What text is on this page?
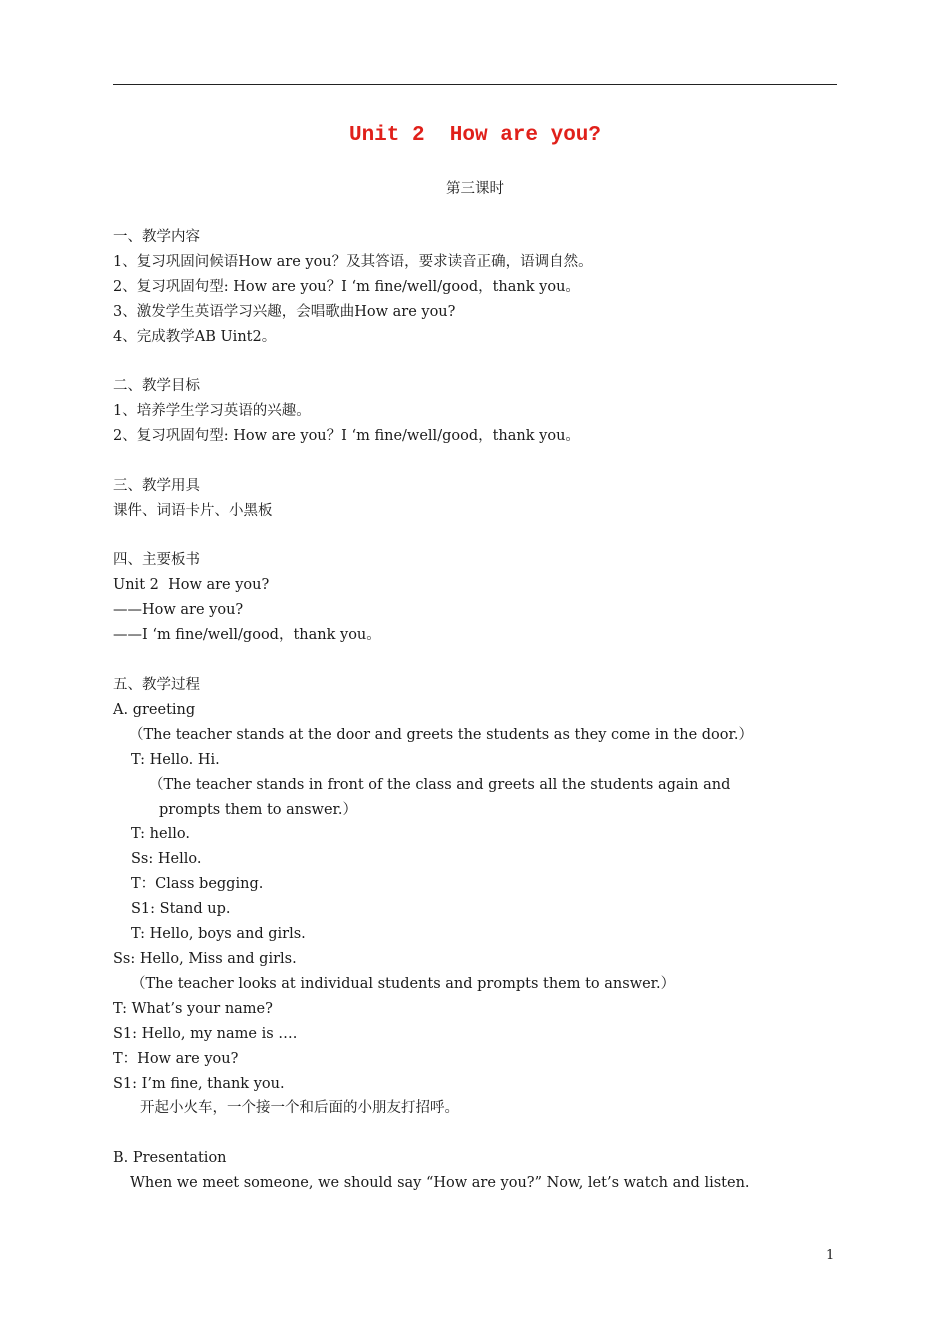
Unit 2  How are you?
第三课时
一、教学内容
1、复习巩固问候语How are you？及其答语，要求读音正确，语调自然。
2、复习巩固句型: How are you？I ‘m fine/well/good，thank you。
3、激发学生英语学习兴趣，会唱歌曲How are you?
4、完成教学AB Uint2。
二、教学目标
1、培养学生学习英语的兴趣。
2、复习巩固句型: How are you？I ‘m fine/well/good，thank you。
三、教学用具
课件、词语卡片、小黑板
四、主要板书
Unit 2  How are you?
——How are you?
——I ‘m fine/well/good，thank you。
五、教学过程
A. greeting
（The teacher stands at the door and greets the students as they come in the door.）
T: Hello. Hi.
（The teacher stands in front of the class and greets all the students again and
prompts them to answer.）
T: hello.
Ss: Hello.
T：Class begging.
S1: Stand up.
T: Hello, boys and girls.
Ss: Hello, Miss and girls.
（The teacher looks at individual students and prompts them to answer.）
T: What’s your name?
S1: Hello, my name is ….
T：How are you?
S1: I’m fine, thank you.
开起小火车，一个接一个和后面的小朋友打招呼。
B. Presentation
When we meet someone, we should say “How are you?” Now, let’s watch and listen.
1
